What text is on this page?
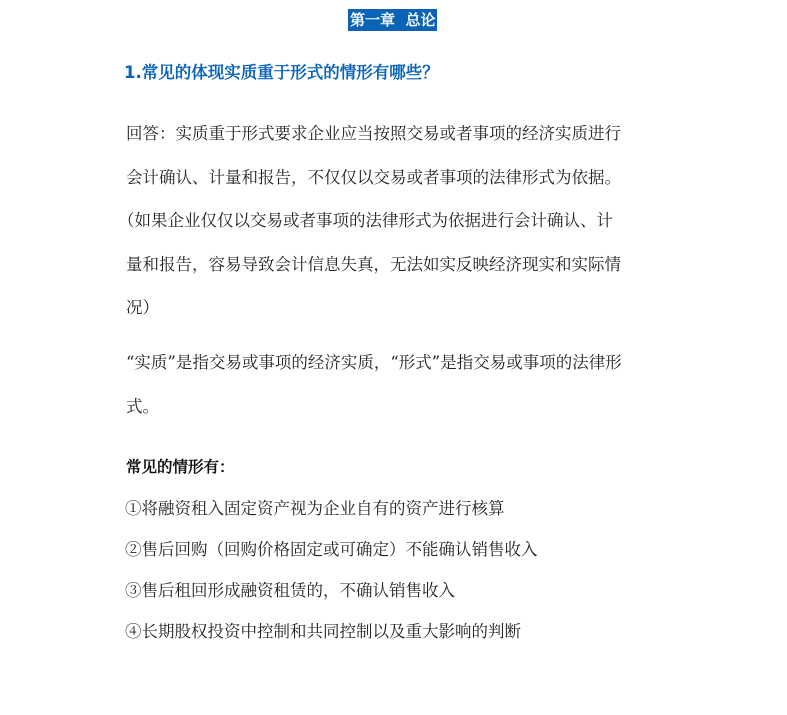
第一章  总论
1.常见的体现实质重于形式的情形有哪些？
回答：实质重于形式要求企业应当按照交易或者事项的经济实质进行
会计确认、计量和报告，不仅仅以交易或者事项的法律形式为依据。
（如果企业仅仅以交易或者事项的法律形式为依据进行会计确认、计
量和报告，容易导致会计信息失真，无法如实反映经济现实和实际情
况）
“实质”是指交易或事项的经济实质，“形式”是指交易或事项的法律形
式。
常见的情形有：
①将融资租入固定资产视为企业自有的资产进行核算
②售后回购（回购价格固定或可确定）不能确认销售收入
③售后租回形成融资租赁的，不确认销售收入
④长期股权投资中控制和共同控制以及重大影响的判断
